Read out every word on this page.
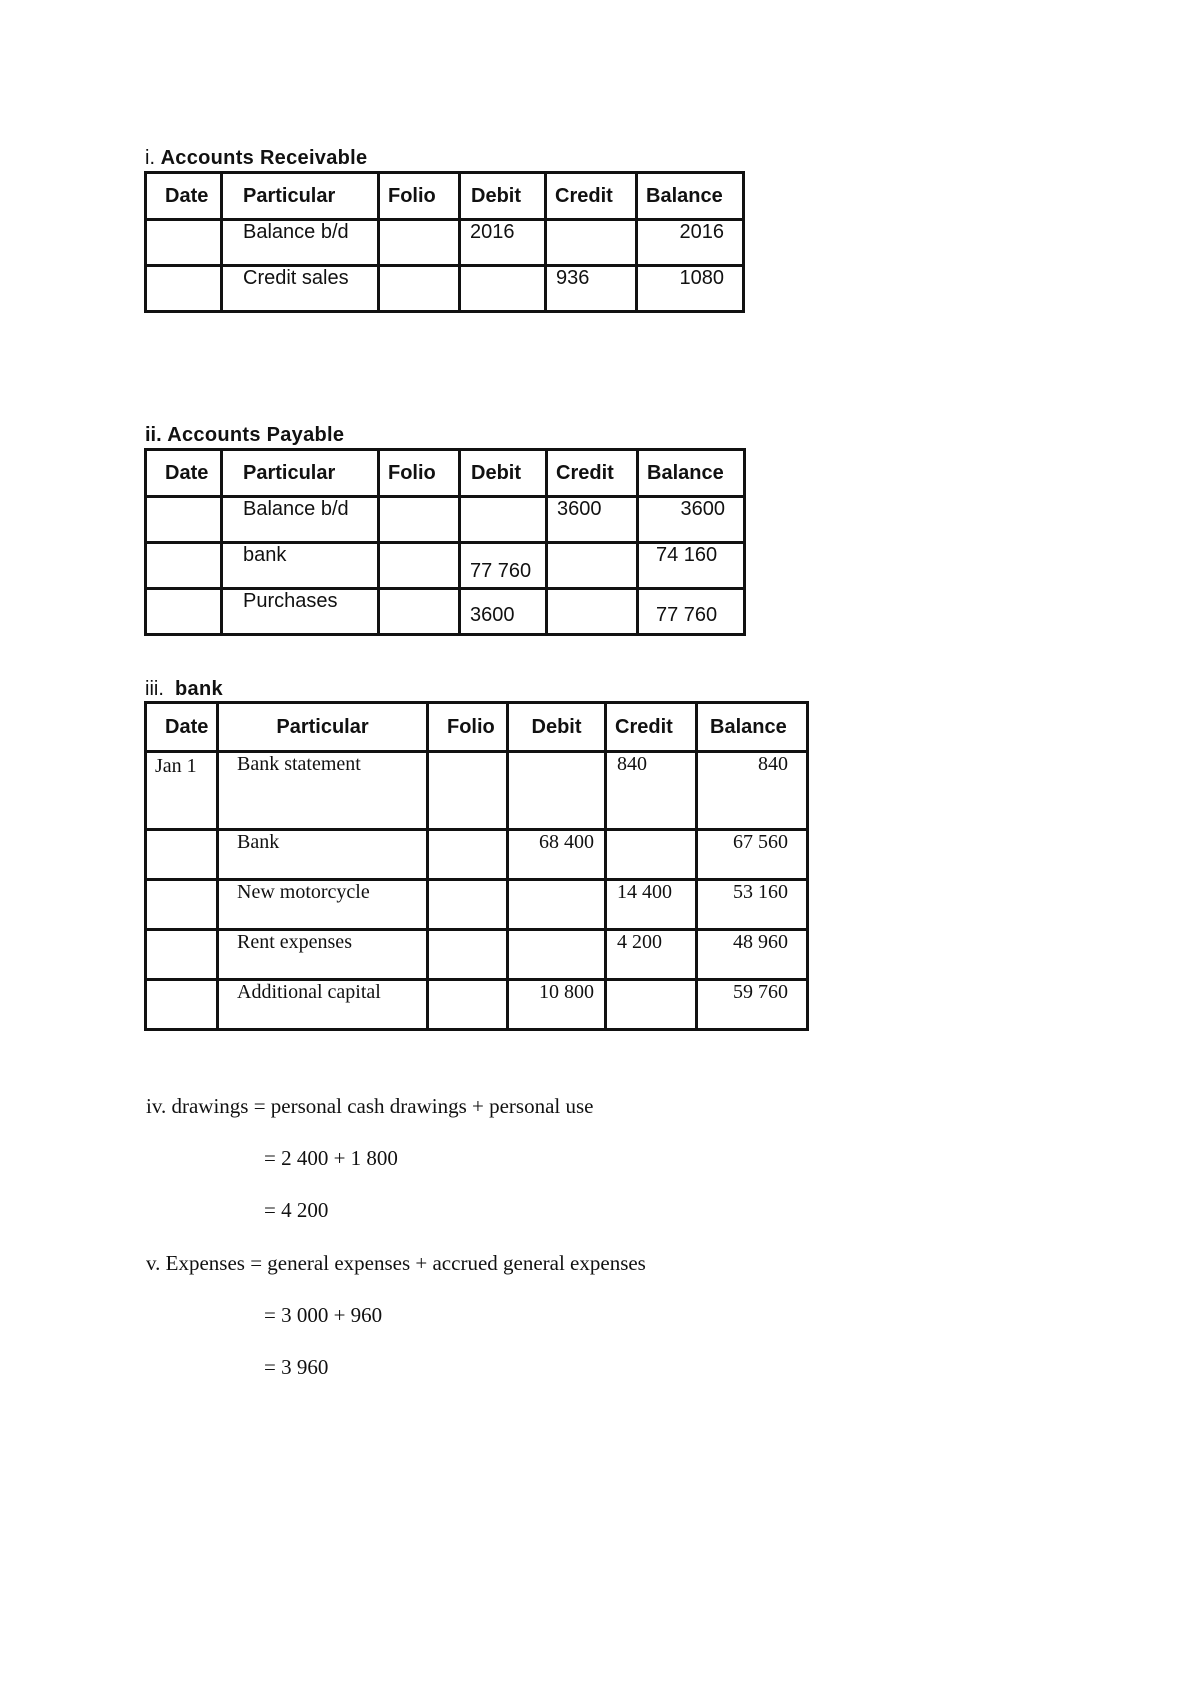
i. Accounts Receivable
Date	Particular	Folio	Debit	Credit	Balance
	Balance b/d		2016		2016
	Credit sales			936	1080
ii. Accounts Payable
Date	Particular	Folio	Debit	Credit	Balance
	Balance b/d			3600	3600
	bank		77 760		74 160
	Purchases		3600		77 760
iii. bank
Date	Particular	Folio	Debit	Credit	Balance
Jan 1	Bank statement			840	840
	Bank		68 400		67 560
	New motorcycle			14 400	53 160
	Rent expenses			4 200	48 960
	Additional capital		10 800		59 760
iv. drawings = personal cash drawings + personal use
= 2 400 + 1 800
= 4 200
v. Expenses = general expenses + accrued general expenses
= 3 000 + 960
= 3 960
